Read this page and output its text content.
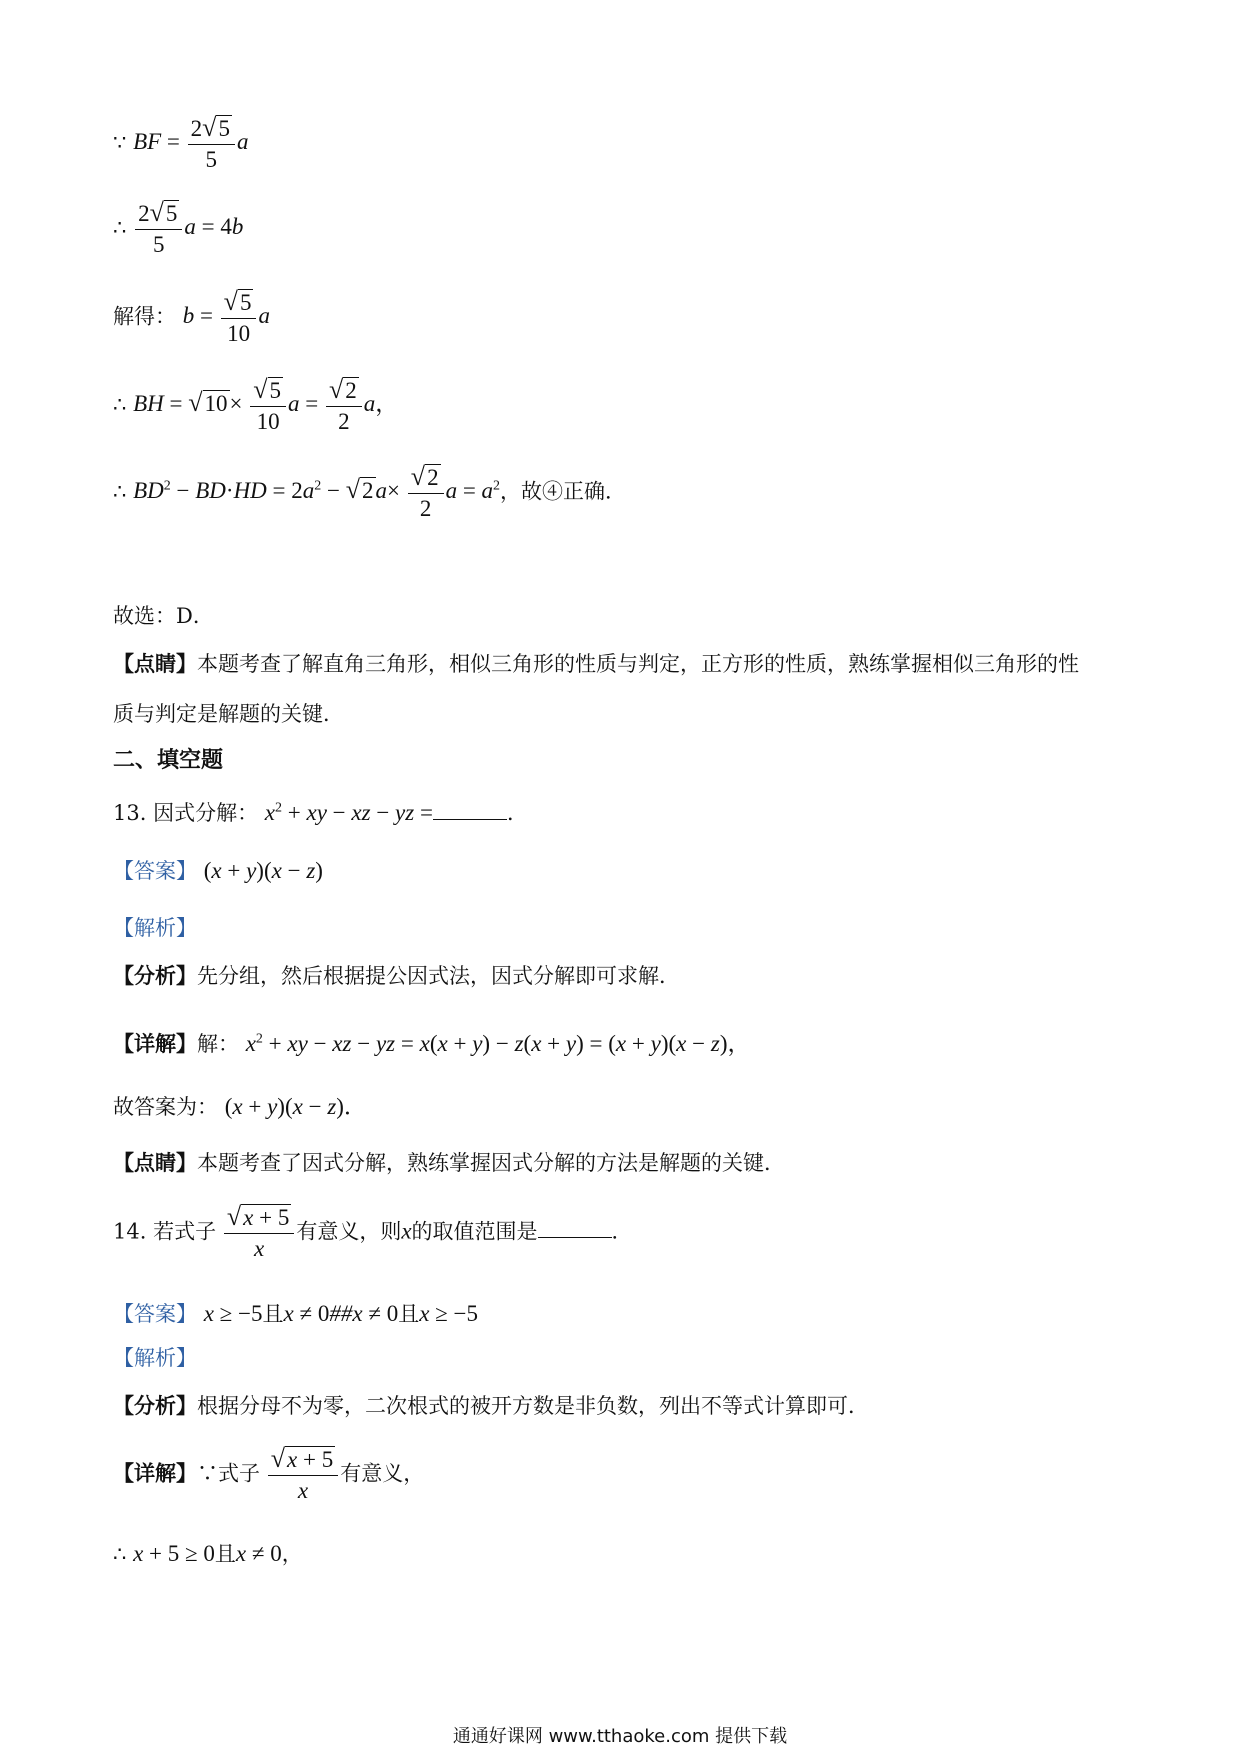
∵ BF = $\frac{2√5}{5}$ a
∴ $\frac{2√5}{5}$ a = 4b
解得： $b = \frac{√5}{10}$ a
∴ BH = $√10\times \frac{√5}{10}$ $a = \frac{√2}{2}$ a，
∴ $BD^2 - BD\cdot HD = 2a^2 - √2a\times \frac{√2}{2}$ $a = a^2$，故④正确．
故选：D．
【点睛】本题考查了解直角三角形，相似三角形的性质与判定，正方形的性质，熟练掌握相似三角形的性
质与判定是解题的关键．
二、填空题
13. 因式分解： $x^2$ + xy − xz − yz =	．
【答案】 (x + y)(x − z)
【解析】
【分析】先分组，然后根据提公因式法，因式分解即可求解．
【详解】解： $x^2$ + xy − xz − yz = x(x + y) − z(x + y) = (x + y)(x − z)，
故答案为： (x + y)(x − z)．
【点睛】本题考查了因式分解，熟练掌握因式分解的方法是解题的关键．
14. 若式子 $\frac{√x + 5}{x}$ 有意义，则x的取值范围是	．
【答案】 x ≥ −5且x ≠ 0##x ≠ 0且x ≥ −5
【解析】
【分析】根据分母不为零，二次根式的被开方数是非负数，列出不等式计算即可．
【详解】∵式子 $\frac{√x + 5}{x}$ 有意义，
∴ x + 5 ≥ 0且x ≠ 0，
通通好课网 www.tthaoke.com 提供下载
